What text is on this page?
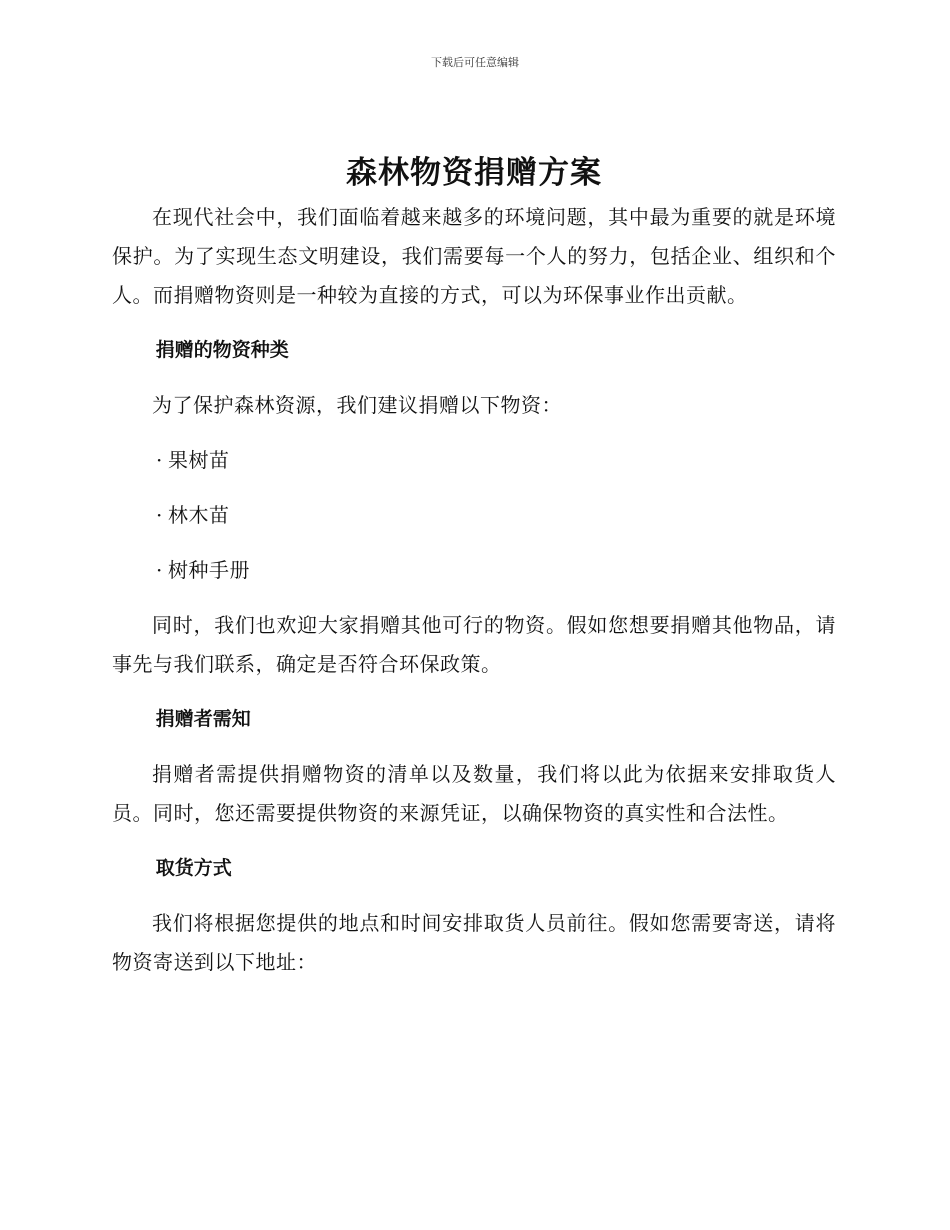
下载后可任意编辑
森林物资捐赠方案

在现代社会中，我们面临着越来越多的环境问题，其中最为重要的就是环境保护。为了实现生态文明建设，我们需要每一个人的努力，包括企业、组织和个人。而捐赠物资则是一种较为直接的方式，可以为环保事业作出贡献。

捐赠的物资种类

为了保护森林资源，我们建议捐赠以下物资：

· 果树苗
· 林木苗
· 树种手册

同时，我们也欢迎大家捐赠其他可行的物资。假如您想要捐赠其他物品，请事先与我们联系，确定是否符合环保政策。

捐赠者需知

捐赠者需提供捐赠物资的清单以及数量，我们将以此为依据来安排取货人员。同时，您还需要提供物资的来源凭证，以确保物资的真实性和合法性。

取货方式

我们将根据您提供的地点和时间安排取货人员前往。假如您需要寄送，请将物资寄送到以下地址：
